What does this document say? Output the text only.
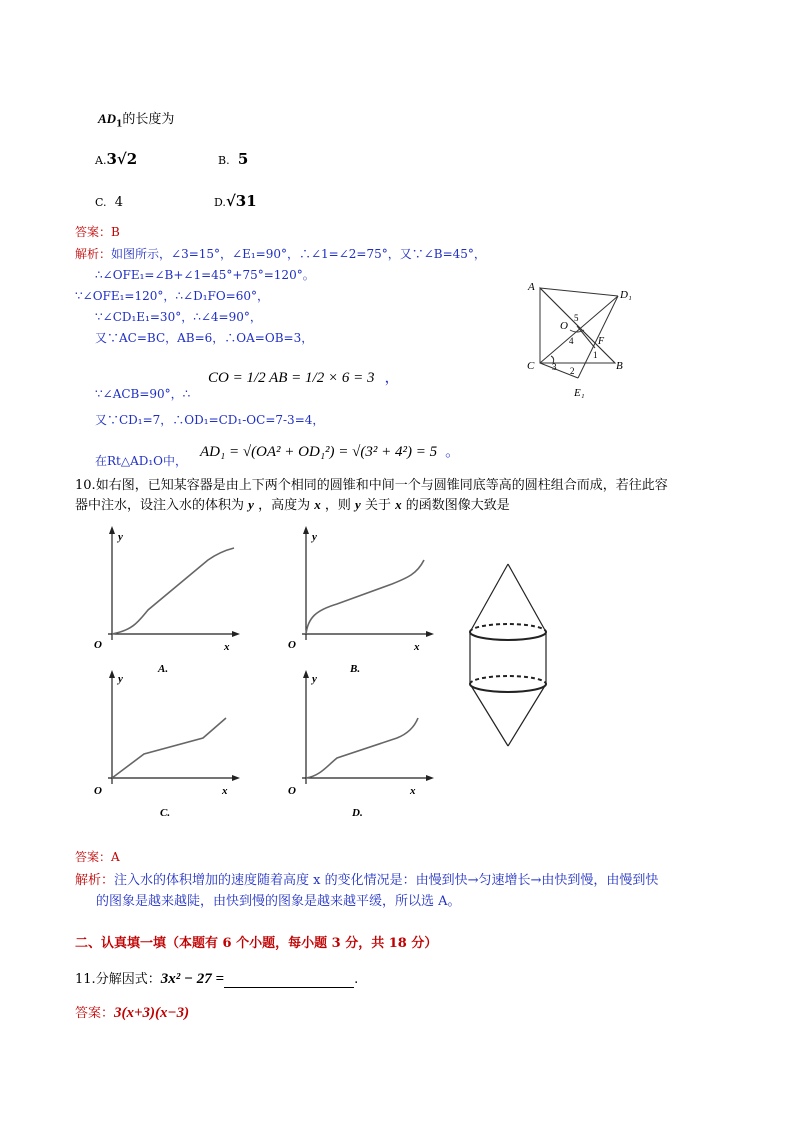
$AD_1$的长度为
A.3√2	B. 5
C. 4	D.√31
答案：B
解析：如图所示，∠3=15°，∠E₁=90°，∴∠1=∠2=75°，又∵∠B=45°，
∴∠OFE₁=∠B+∠1=45°+75°=120°。
∵∠OFE₁=120°，∴∠D₁FO=60°，
∵∠CD₁E₁=30°，∴∠4=90°，
又∵AC=BC，AB=6，∴OA=OB=3，
∵∠ACB=90°，∴
CO = 1/2 AB = 1/2 × 6 = 3 ，
又∵CD₁=7，∴OD₁=CD₁-OC=7-3=4，
在Rt△AD₁O中，
AD₁ = √(OA² + OD₁²) = √(3² + 4²) = 5 。
A
D₁
O
C	B
F
E₁
5
4
1
3 2
10.如右图，已知某容器是由上下两个相同的圆锥和中间一个与圆锥同底等高的圆柱组合而成，若往此容
器中注水，设注入水的体积为 y ，高度为 x ，则 y 关于 x 的函数图像大致是
y
O	x
A.
y
O	x
B.
y
O	x
C.
y
O	x
D.
答案：A
解析：注入水的体积增加的速度随着高度 x 的变化情况是：由慢到快→匀速增长→由快到慢，由慢到快
的图象是越来越陡，由快到慢的图象是越来越平缓，所以选 A。
二、认真填一填（本题有 6 个小题，每小题 3 分，共 18 分）
11.分解因式：3x² − 27 =	.
答案：3(x+3)(x−3)
